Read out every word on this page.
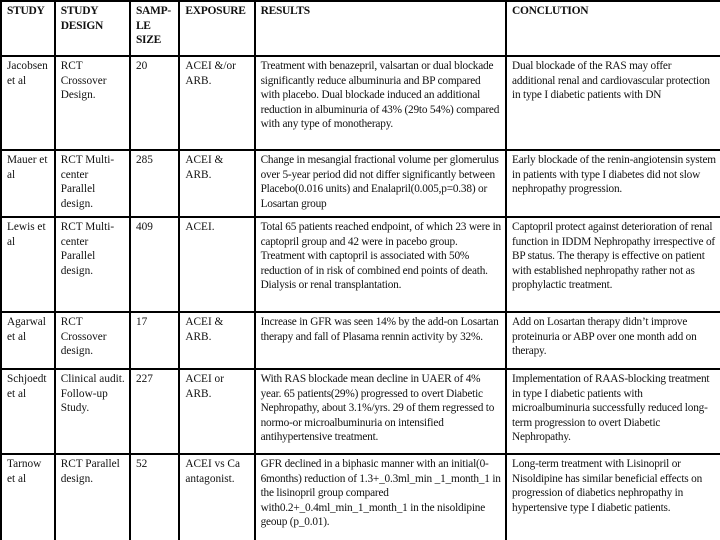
STUDY	STUDY DESIGN	SAMP-LE SIZE	EXPOSURE	RESULTS	CONCLUTION
Jacobsen et al	RCT Crossover Design.	20	ACEI &/or ARB.	Treatment with benazepril, valsartan or dual blockade significantly reduce albuminuria and BP compared with placebo. Dual blockade induced an additional reduction in albuminuria of 43% (29to 54%) compared with any type of monotherapy.	Dual blockade of the RAS may offer additional renal and cardiovascular protection in type I diabetic patients with DN
Mauer et al	RCT Multi-center Parallel design.	285	ACEI & ARB.	Change in mesangial fractional volume per glomerulus over 5-year period did not differ significantly between Placebo(0.016 units) and Enalapril(0.005,p=0.38) or Losartan group	Early blockade of the renin-angiotensin system in patients with type I diabetes did not slow nephropathy progression.
Lewis et al	RCT Multi-center Parallel design.	409	ACEI.	Total 65 patients reached endpoint, of which 23 were in captopril group and 42 were in pacebo group. Treatment with captopril is associated with 50% reduction of in risk of combined end points of death. Dialysis or renal transplantation.	Captopril protect against deterioration of renal function in IDDM Nephropathy irrespective of BP status. The therapy is effective on patient with established nephropathy rather not as prophylactic treatment.
Agarwal et al	RCT Crossover design.	17	ACEI & ARB.	Increase in GFR was seen 14% by the add-on Losartan therapy and fall of Plasama rennin activity by 32%.	Add on Losartan therapy didn’t improve proteinuria or ABP over one month add on therapy.
Schjoedt et al	Clinical audit. Follow-up Study.	227	ACEI or ARB.	With RAS blockade mean decline in UAER of 4% year. 65 patients(29%) progressed to overt Diabetic Nephropathy, about 3.1%/yrs. 29 of them regressed to normo-or microalbuminuria on intensified antihypertensive treatment.	Implementation of RAAS-blocking treatment in type I diabetic patients with microalbuminuria successfully reduced long-term progression to overt Diabetic Nephropathy.
Tarnow et al	RCT Parallel design.	52	ACEI vs Ca antagonist.	GFR declined in a biphasic manner with an initial(0-6months) reduction of 1.3+_0.3ml_min _1_month_1 in the lisinopril group compared with0.2+_0.4ml_min_1_month_1 in the nisoldipine geoup (p_0.01).	Long-term treatment with Lisinopril or Nisoldipine has similar beneficial effects on progression of diabetics nephropathy in hypertensive type I diabetic patients.
